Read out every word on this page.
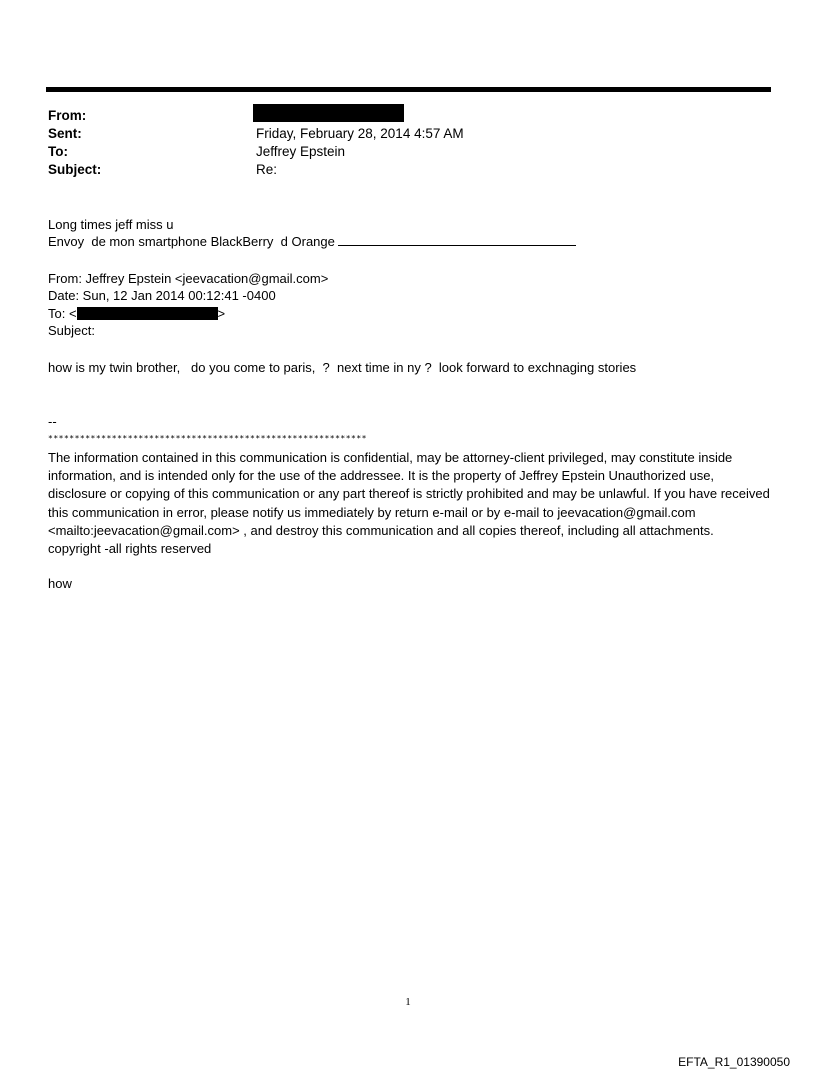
From:
Sent:	Friday, February 28, 2014 4:57 AM
To:	Jeffrey Epstein
Subject:	Re:
Long times jeff miss u
Envoy  de mon smartphone BlackBerry  d Orange
From: Jeffrey Epstein <jeevacation@gmail.com>
Date: Sun, 12 Jan 2014 00:12:41 -0400
To: <	>
Subject:
how is my twin brother,   do you come to paris,  ?  next time in ny ?  look forward to exchnaging stories
--
************************************************************
The information contained in this communication is confidential, may be attorney-client privileged, may constitute inside information, and is intended only for the use of the addressee. It is the property of Jeffrey Epstein Unauthorized use, disclosure or copying of this communication or any part thereof is strictly prohibited and may be unlawful. If you have received this communication in error, please notify us immediately by return e-mail or by e-mail to jeevacation@gmail.com <mailto:jeevacation@gmail.com> , and destroy this communication and all copies thereof, including all attachments. copyright -all rights reserved
how
1
EFTA_R1_01390050
